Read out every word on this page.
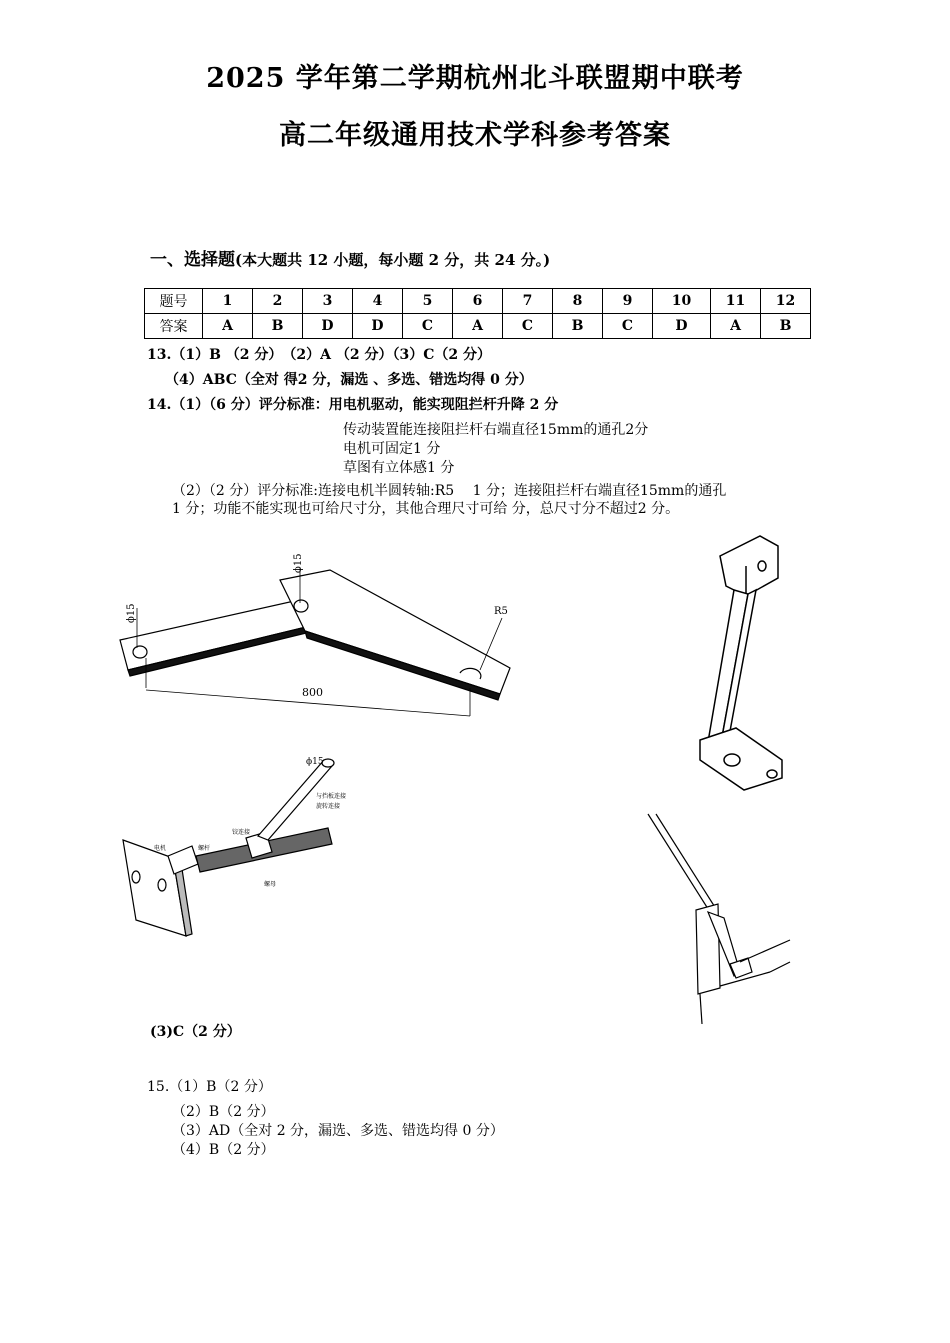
2025 学年第二学期杭州北斗联盟期中联考
高二年级通用技术学科参考答案
一、选择题(本大题共 12 小题，每小题 2 分，共 24 分。)
题号	1	2	3	4	5	6	7	8	9	10	11	12
答案	A	B	D	D	C	A	C	B	C	D	A	B
13.（1）B （2 分）　（2）A （2 分）（3）C（2 分）
（4）ABC（全对 得2 分，漏选 、多选、错选均得 0 分）
14.（1）（6 分）评分标准：用电机驱动，能实现阻拦杆升降 2 分
传动装置能连接阻拦杆右端直径15mm的通孔2分
电机可固定1 分
草图有立体感1 分
（2）（2 分）评分标准:连接电机半圆转轴:R5　 1 分；连接阻拦杆右端直径15mm的通孔
1 分；功能不能实现也可给尺寸分，其他合理尺寸可给 分，总尺寸分不超过2 分。
ϕ15
ϕ15
R5
800
ϕ15
与挡板连接
旋转连接
铰连接
电机	螺杆
螺母
(3)C（2 分）
15.（1）B（2 分）
（2）B（2 分）
（3）AD（全对 2 分，漏选、多选、错选均得 0 分）
（4）B（2 分）
